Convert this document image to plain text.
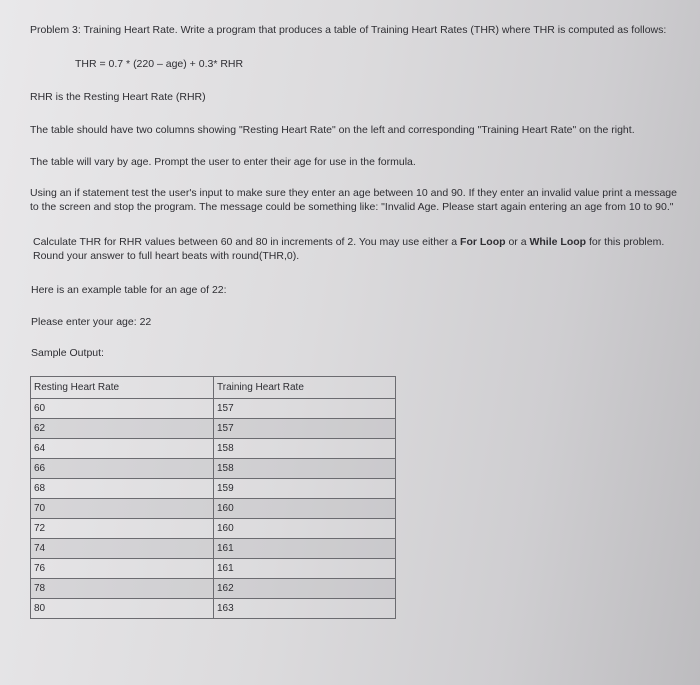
Problem 3: Training Heart Rate. Write a program that produces a table of Training Heart Rates (THR) where THR is computed as follows:
THR = 0.7 * (220 – age) + 0.3* RHR
RHR is the Resting Heart Rate (RHR)
The table should have two columns showing "Resting Heart Rate" on the left and corresponding "Training Heart Rate" on the right.
The table will vary by age. Prompt the user to enter their age for use in the formula.
Using an if statement test the user's input to make sure they enter an age between 10 and 90. If they enter an invalid value print a message
to the screen and stop the program. The message could be something like: "Invalid Age. Please start again entering an age from 10 to 90."
Calculate THR for RHR values between 60 and 80 in increments of 2. You may use either a For Loop or a While Loop for this problem.
Round your answer to full heart beats with round(THR,0).
Here is an example table for an age of 22:
Please enter your age: 22
Sample Output:
Resting Heart Rate	Training Heart Rate
60	157
62	157
64	158
66	158
68	159
70	160
72	160
74	161
76	161
78	162
80	163
